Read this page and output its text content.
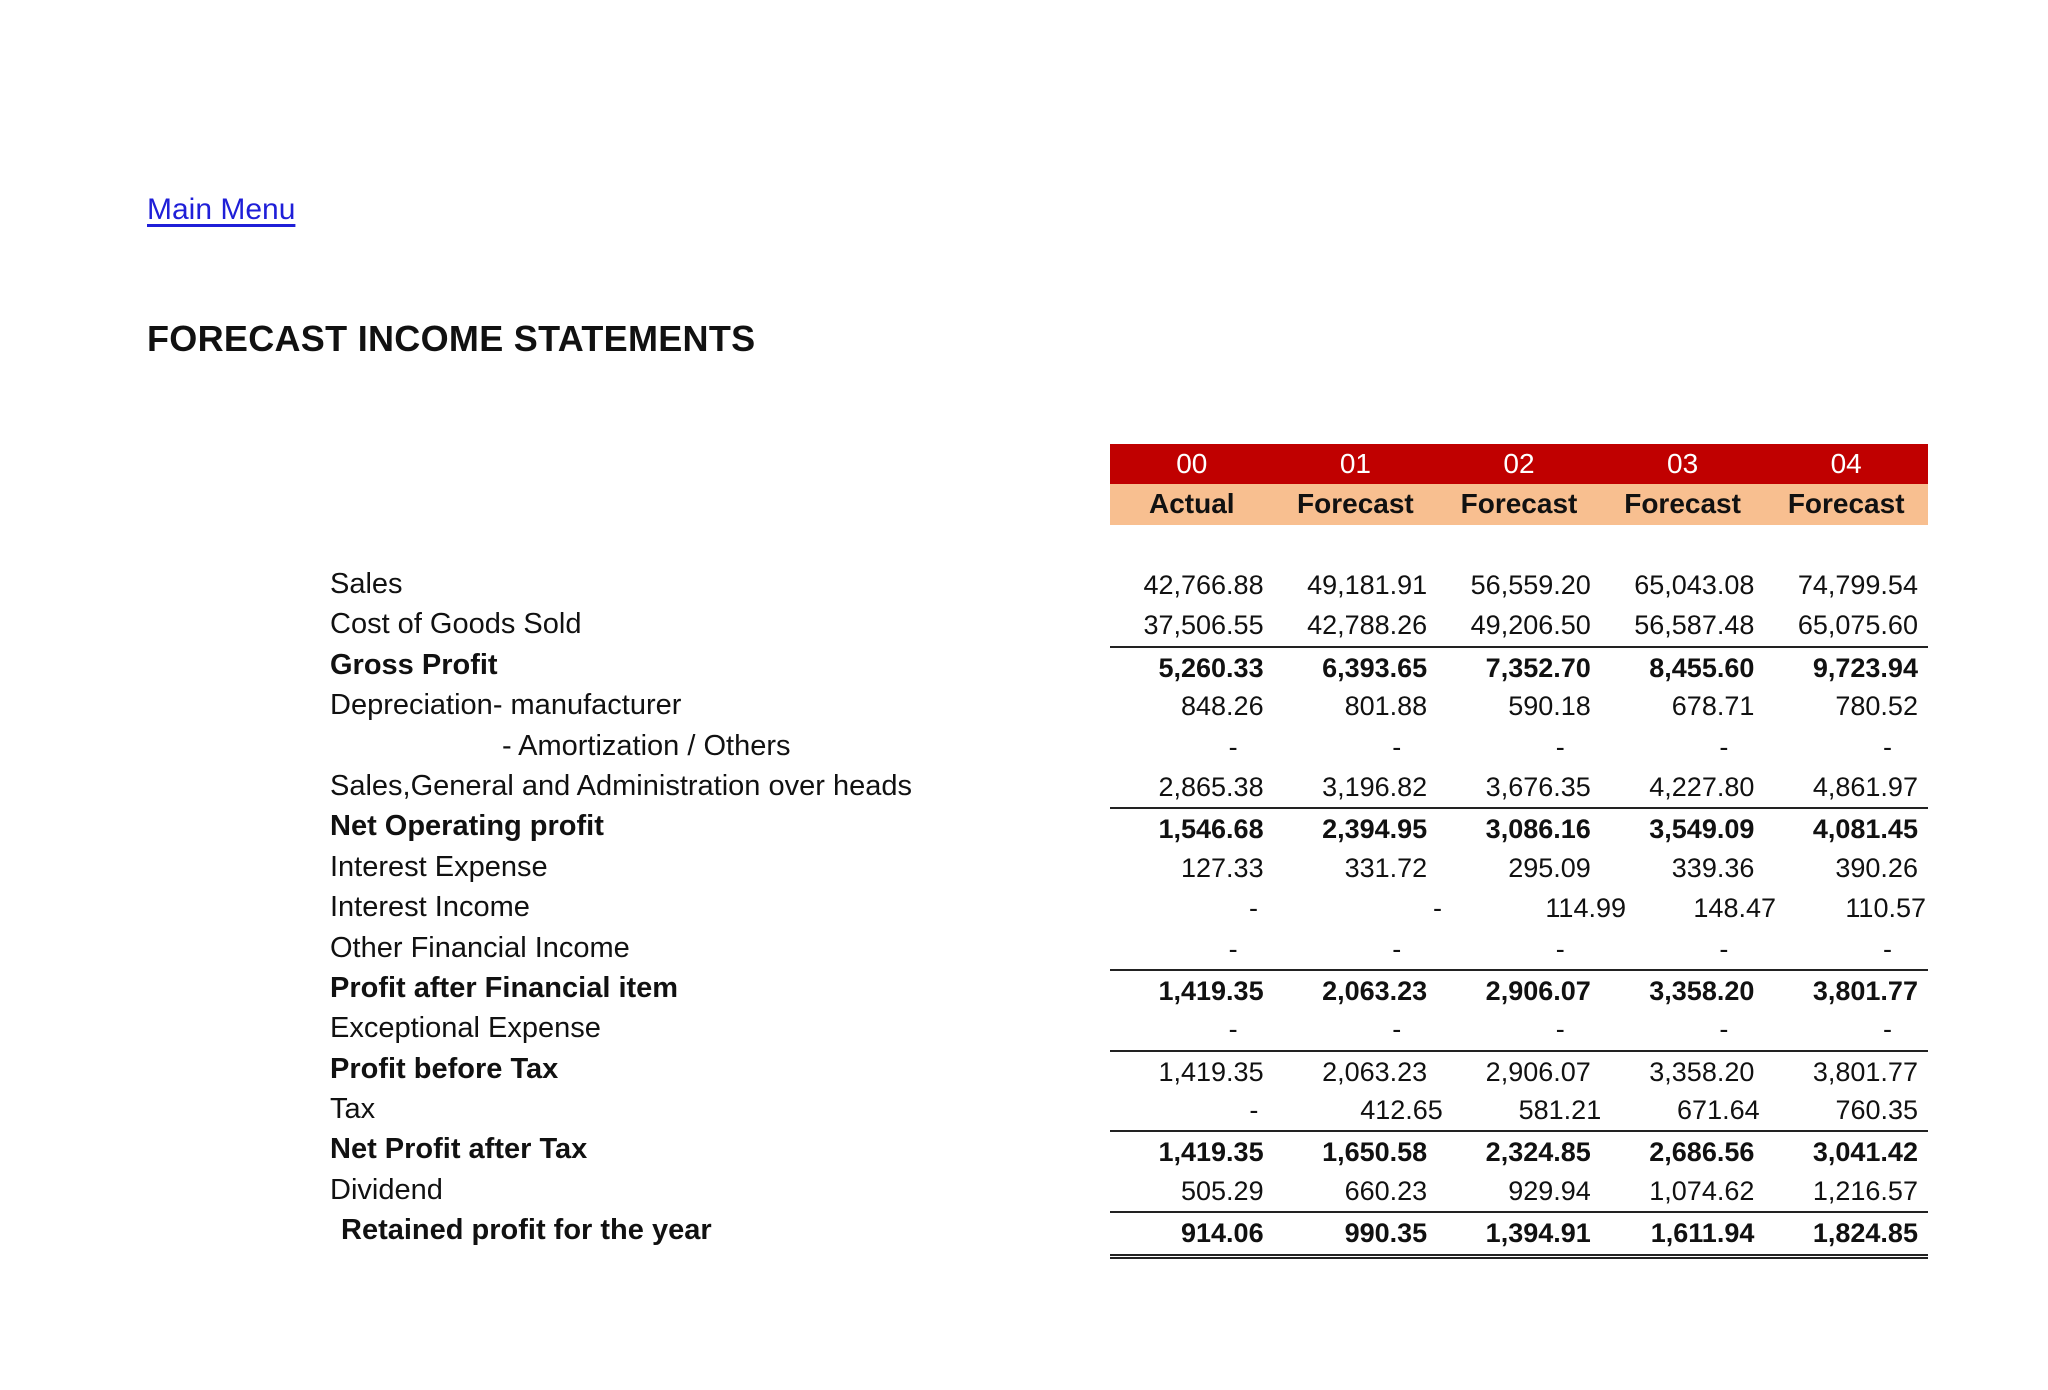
Main Menu
FORECAST INCOME STATEMENTS
00	01	02	03	04
Actual	Forecast	Forecast	Forecast	Forecast
Sales	42,766.88	49,181.91	56,559.20	65,043.08	74,799.54
Cost of Goods Sold	37,506.55	42,788.26	49,206.50	56,587.48	65,075.60
Gross Profit	5,260.33	6,393.65	7,352.70	8,455.60	9,723.94
Depreciation- manufacturer	848.26	801.88	590.18	678.71	780.52
- Amortization / Others	-	-	-	-	-
Sales,General and Administration over heads	2,865.38	3,196.82	3,676.35	4,227.80	4,861.97
Net Operating profit	1,546.68	2,394.95	3,086.16	3,549.09	4,081.45
Interest Expense	127.33	331.72	295.09	339.36	390.26
Interest Income	-	-	114.99	148.47	110.57
Other Financial Income	-	-	-	-	-
Profit after Financial item	1,419.35	2,063.23	2,906.07	3,358.20	3,801.77
Exceptional Expense	-	-	-	-	-
Profit before Tax	1,419.35	2,063.23	2,906.07	3,358.20	3,801.77
Tax	-	412.65	581.21	671.64	760.35
Net Profit after Tax	1,419.35	1,650.58	2,324.85	2,686.56	3,041.42
Dividend	505.29	660.23	929.94	1,074.62	1,216.57
Retained profit for the year	914.06	990.35	1,394.91	1,611.94	1,824.85
